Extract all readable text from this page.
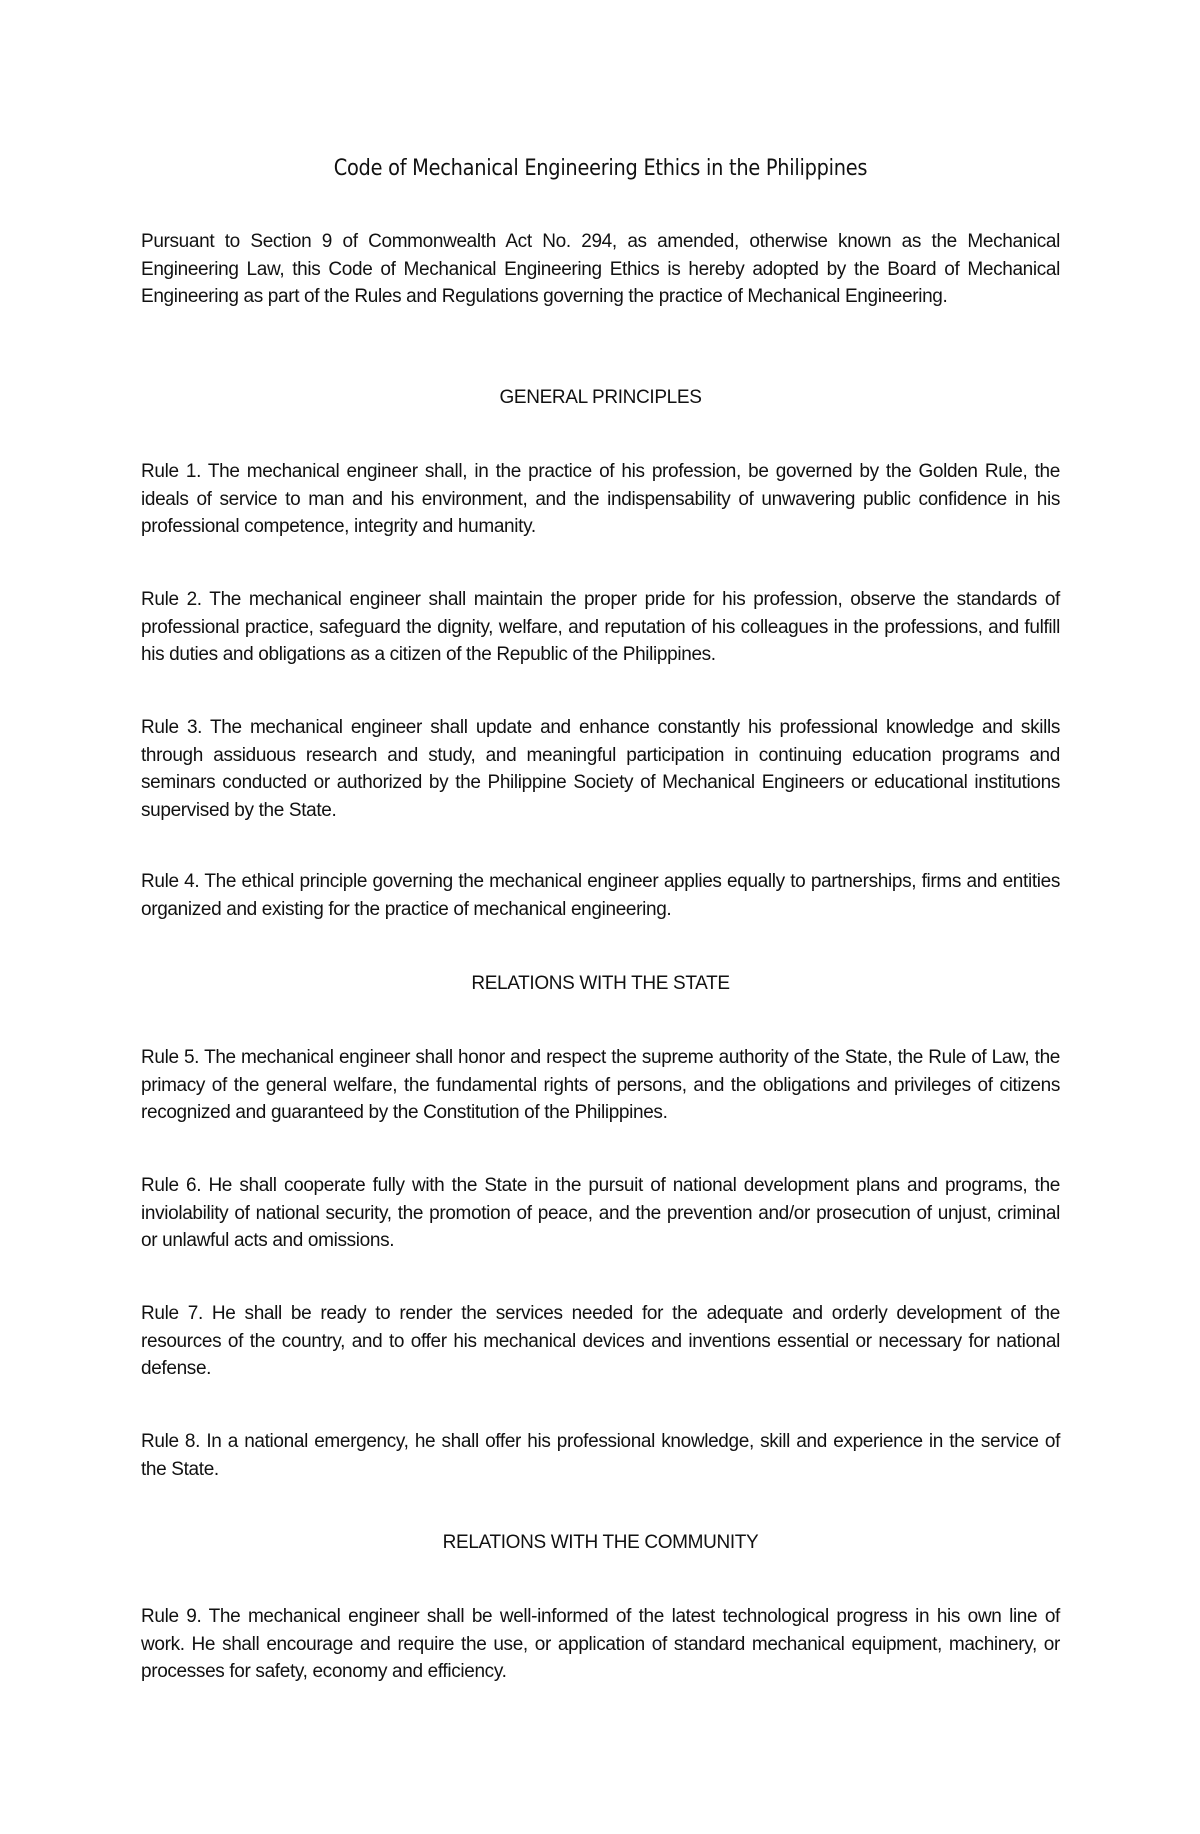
Code of Mechanical Engineering Ethics in the Philippines

Pursuant to Section 9 of Commonwealth Act No. 294, as amended, otherwise known as the Mechanical Engineering Law, this Code of Mechanical Engineering Ethics is hereby adopted by the Board of Mechanical Engineering as part of the Rules and Regulations governing the practice of Mechanical Engineering.

GENERAL PRINCIPLES

Rule 1. The mechanical engineer shall, in the practice of his profession, be governed by the Golden Rule, the ideals of service to man and his environment, and the indispensability of unwavering public confidence in his professional competence, integrity and humanity.

Rule 2. The mechanical engineer shall maintain the proper pride for his profession, observe the standards of professional practice, safeguard the dignity, welfare, and reputation of his colleagues in the professions, and fulfill his duties and obligations as a citizen of the Republic of the Philippines.

Rule 3. The mechanical engineer shall update and enhance constantly his professional knowledge and skills through assiduous research and study, and meaningful participation in continuing education programs and seminars conducted or authorized by the Philippine Society of Mechanical Engineers or educational institutions supervised by the State.

Rule 4. The ethical principle governing the mechanical engineer applies equally to partnerships, firms and entities organized and existing for the practice of mechanical engineering.

RELATIONS WITH THE STATE

Rule 5. The mechanical engineer shall honor and respect the supreme authority of the State, the Rule of Law, the primacy of the general welfare, the fundamental rights of persons, and the obligations and privileges of citizens recognized and guaranteed by the Constitution of the Philippines.

Rule 6. He shall cooperate fully with the State in the pursuit of national development plans and programs, the inviolability of national security, the promotion of peace, and the prevention and/or prosecution of unjust, criminal or unlawful acts and omissions.

Rule 7. He shall be ready to render the services needed for the adequate and orderly development of the resources of the country, and to offer his mechanical devices and inventions essential or necessary for national defense.

Rule 8. In a national emergency, he shall offer his professional knowledge, skill and experience in the service of the State.

RELATIONS WITH THE COMMUNITY

Rule 9. The mechanical engineer shall be well-informed of the latest technological progress in his own line of work. He shall encourage and require the use, or application of standard mechanical equipment, machinery, or processes for safety, economy and efficiency.
